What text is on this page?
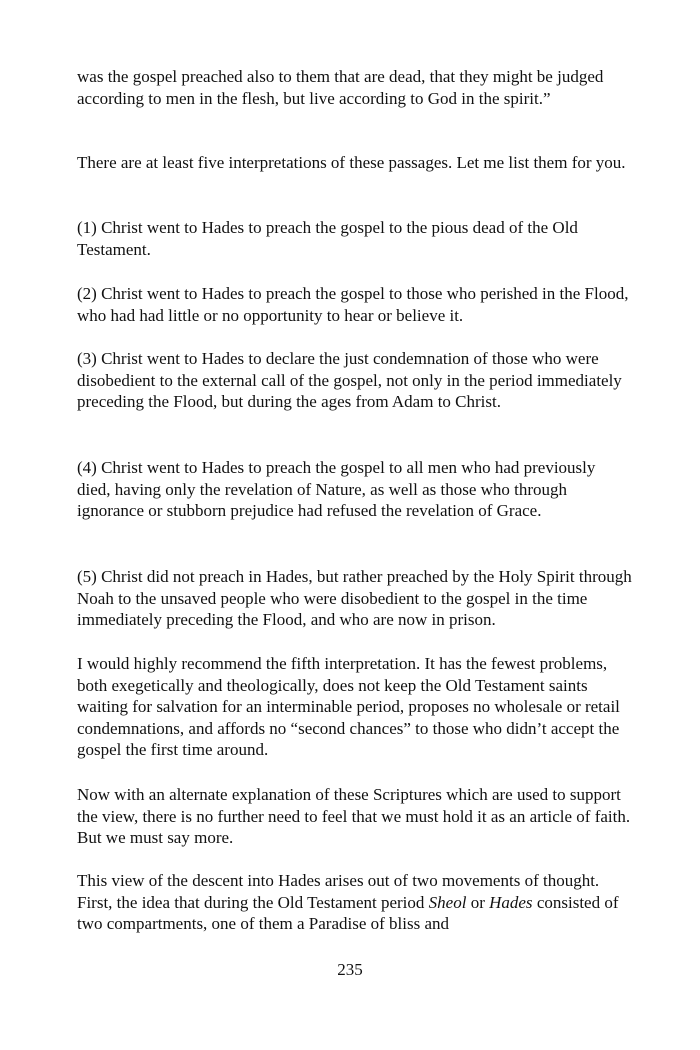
was the gospel preached also to them that are dead, that they might be judged according to men in the flesh, but live according to God in the spirit.”

There are at least five interpretations of these passages. Let me list them for you.

(1) Christ went to Hades to preach the gospel to the pious dead of the Old Testament.

(2) Christ went to Hades to preach the gospel to those who perished in the Flood, who had had little or no opportunity to hear or believe it.

(3) Christ went to Hades to declare the just condemnation of those who were disobedient to the external call of the gospel, not only in the period immediately preceding the Flood, but during the ages from Adam to Christ.

(4) Christ went to Hades to preach the gospel to all men who had previously died, having only the revelation of Nature, as well as those who through ignorance or stubborn prejudice had refused the revelation of Grace.

(5) Christ did not preach in Hades, but rather preached by the Holy Spirit through Noah to the unsaved people who were disobedient to the gospel in the time immediately preceding the Flood, and who are now in prison.

I would highly recommend the fifth interpretation. It has the fewest problems, both exegetically and theologically, does not keep the Old Testament saints waiting for salvation for an interminable period, proposes no wholesale or retail condemnations, and affords no “second chances” to those who didn’t accept the gospel the first time around.

Now with an alternate explanation of these Scriptures which are used to support the view, there is no further need to feel that we must hold it as an article of faith. But we must say more.

This view of the descent into Hades arises out of two movements of thought. First, the idea that during the Old Testament period Sheol or Hades consisted of two compartments, one of them a Paradise of bliss and

235
